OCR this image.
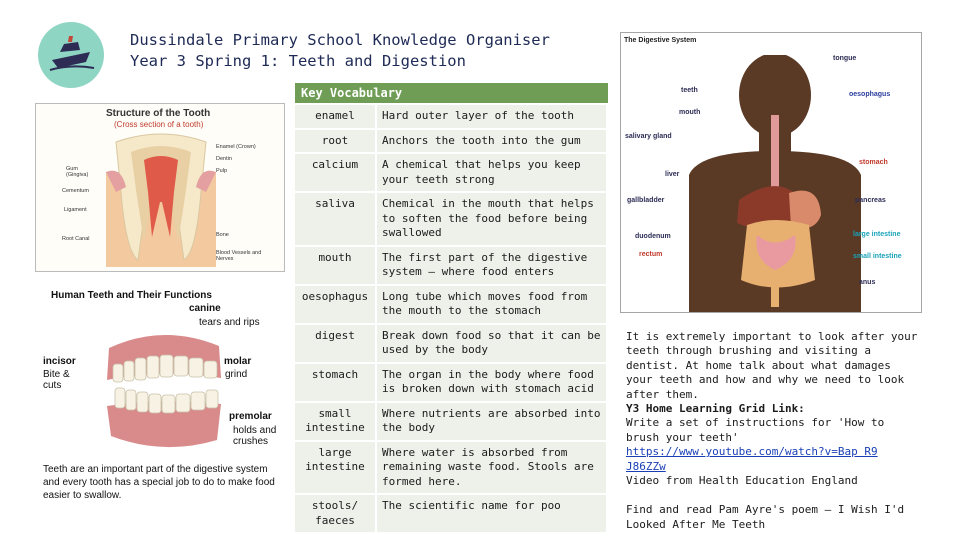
Dussindale Primary School Knowledge Organiser
Year 3 Spring 1: Teeth and Digestion
Structure of the Tooth
(Cross section of a tooth)
Enamel (Crown)
Dentin
Pulp
Gum (Gingiva)
Cementum
Ligament
Root Canal
Bone
Blood Vessels and Nerves
Human Teeth and Their Functions
canine
tears and rips
incisor
Bite & cuts
molar
grind
premolar
holds and crushes
Teeth are an important part of the digestive system and every tooth has a special job to do to make food easier to swallow.
Key Vocabulary
enamel	Hard outer layer of the tooth
root	Anchors the tooth into the gum
calcium	A chemical that helps you keep your teeth strong
saliva	Chemical in the mouth that helps to soften the food before being swallowed
mouth	The first part of the digestive system – where food enters
oesophagus	Long tube which moves food from the mouth to the stomach
digest	Break down food so that it can be used by the body
stomach	The organ in the body where food is broken down with stomach acid
small intestine	Where nutrients are absorbed into the body
large intestine	Where water is absorbed from remaining waste food. Stools are formed here.
stools/ faeces	The scientific name for poo
The Digestive System
tongue
teeth
mouth
oesophagus
salivary gland
stomach
liver
gallbladder	pancreas
duodenum	large intestine
rectum	small intestine
anus

It is extremely important to look after your teeth through brushing and visiting a dentist. At home talk about what damages your teeth and how and why we need to look after them.

Y3 Home Learning Grid Link:

Write a set of instructions for 'How to brush your teeth'

https://www.youtube.com/watch?v=Bap R9 J86ZZw

Video from Health Education England

Find and read Pam Ayre's poem – I Wish I'd Looked After Me Teeth
